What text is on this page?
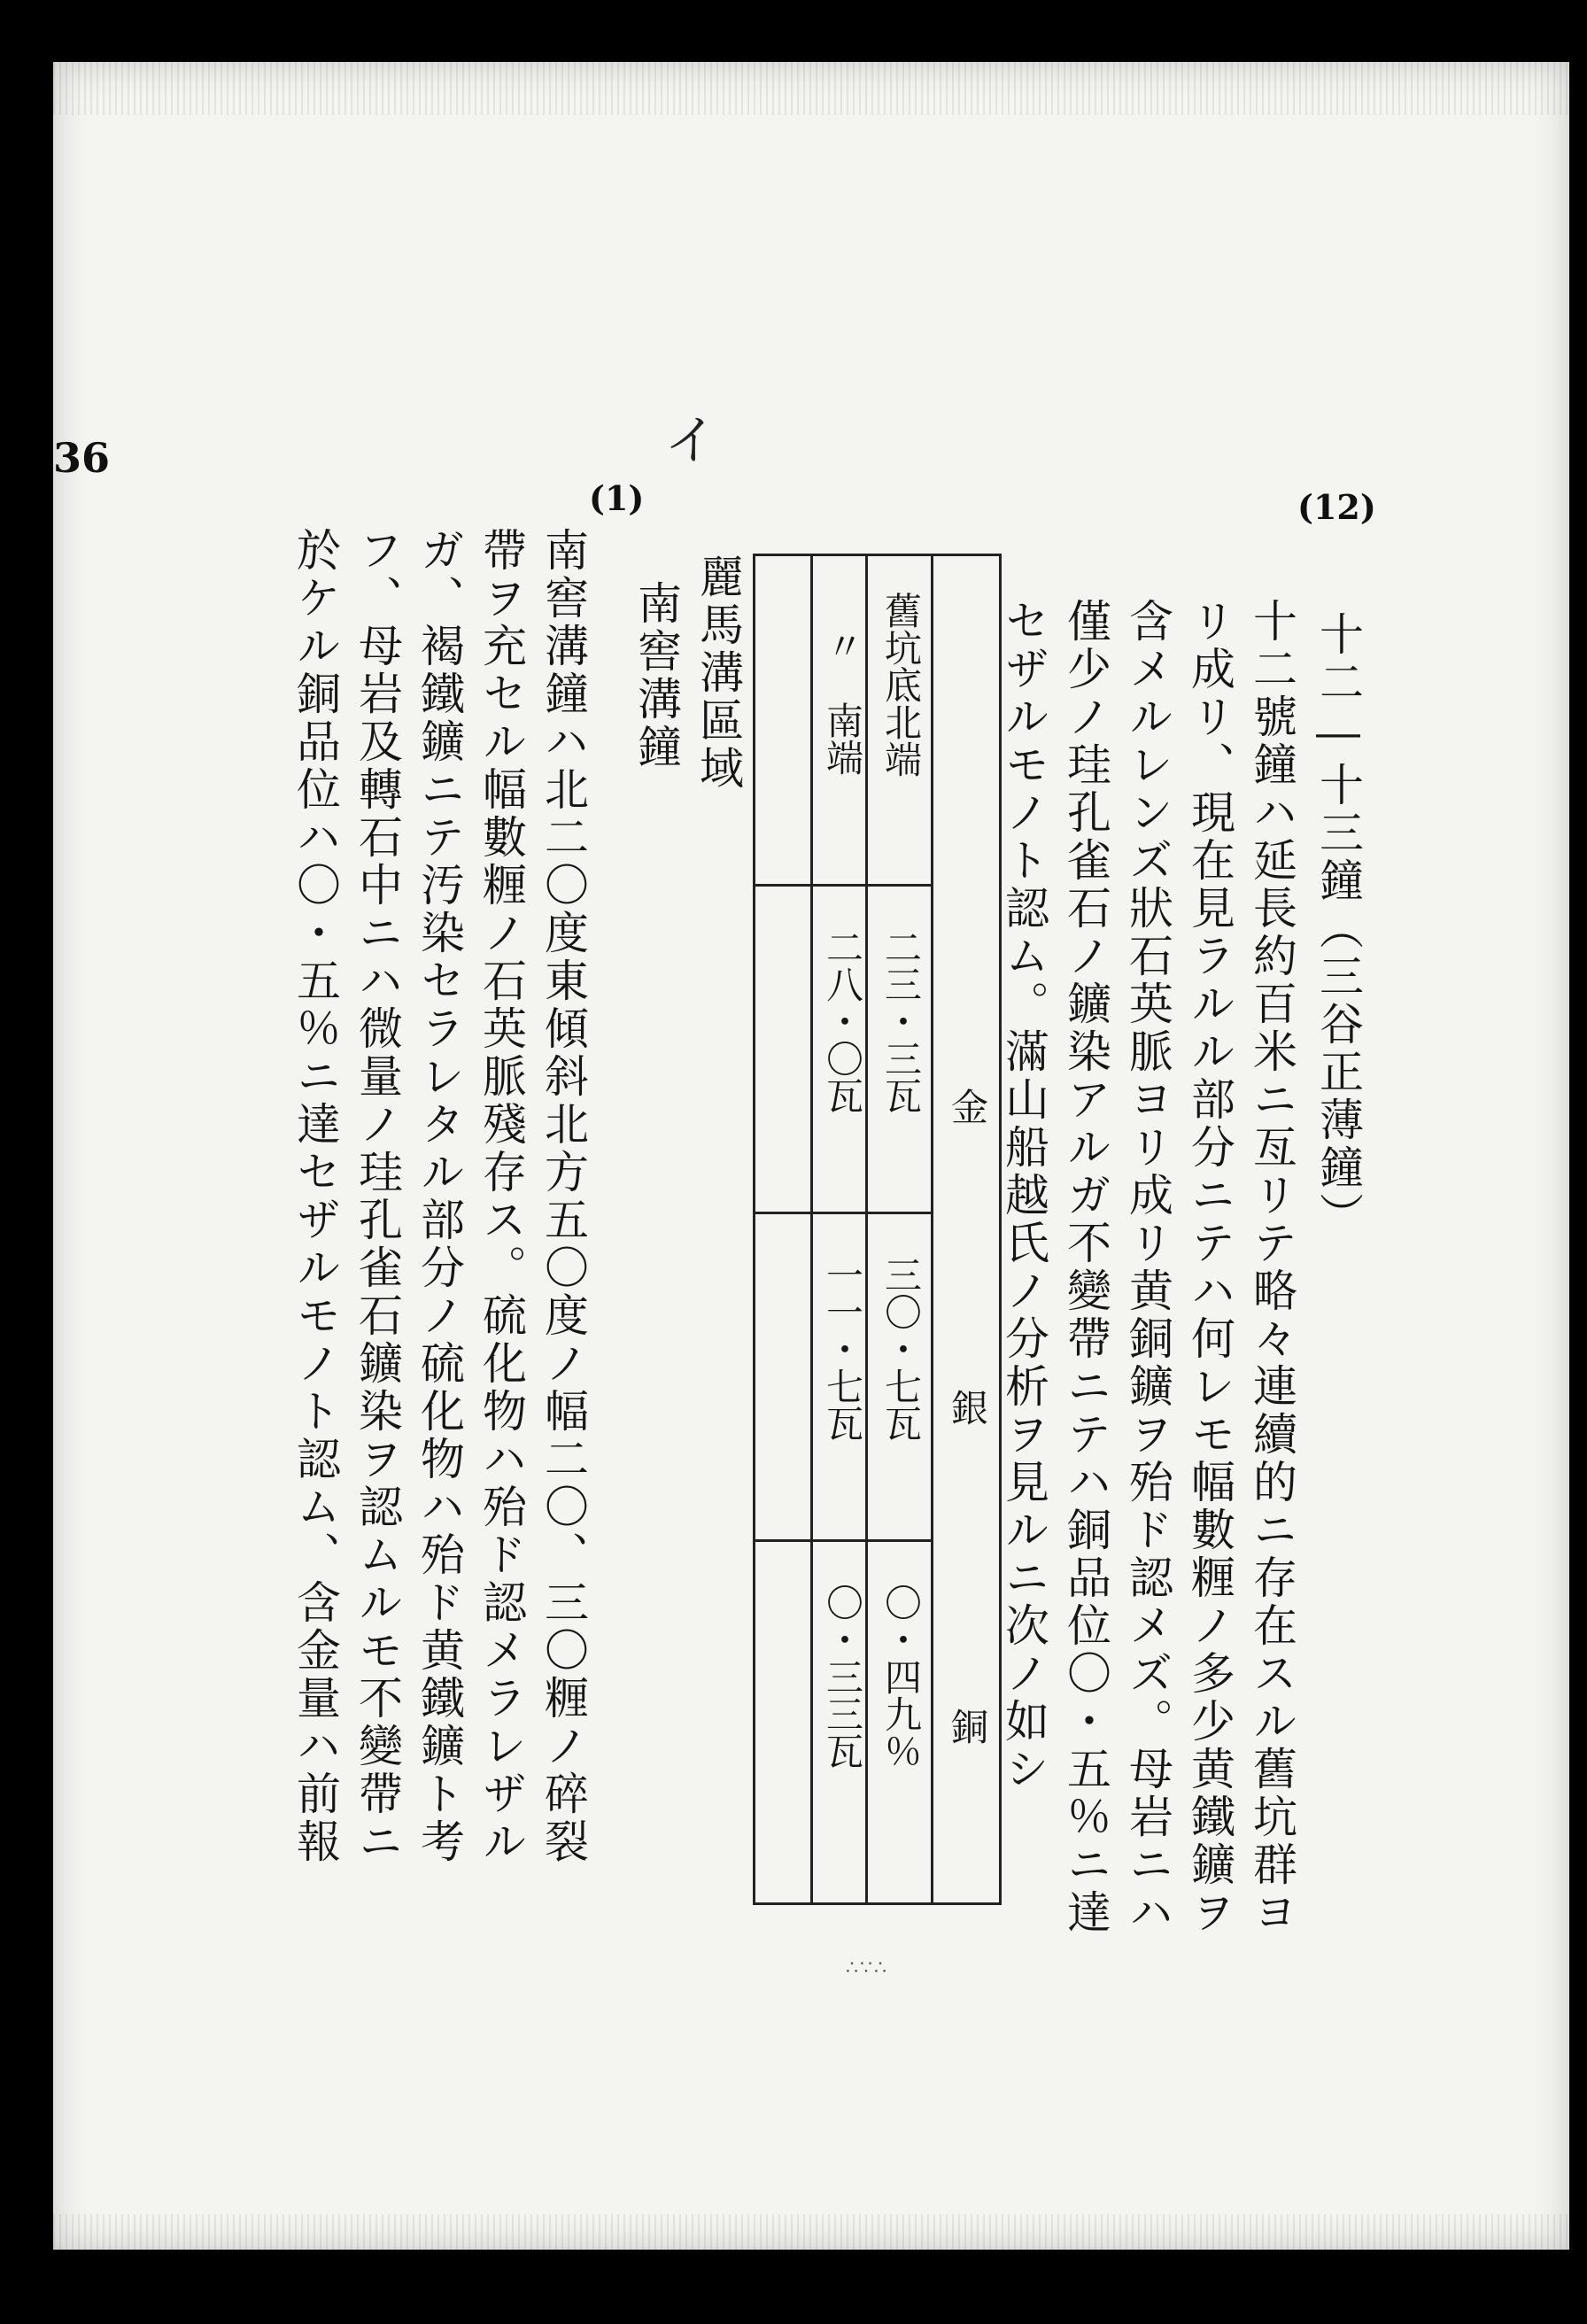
36
(12)
十二―十三鐘（三谷正薄鐘）
十二號鐘ハ延長約百米ニ亙リテ略々連續的ニ存在スル舊坑群ヨ
リ成リ、現在見ラルル部分ニテハ何レモ幅數糎ノ多少黄鐵鑛ヲ
含メルレンズ狀石英脈ヨリ成リ黄銅鑛ヲ殆ド認メズ。母岩ニハ
僅少ノ珪孔雀石ノ鑛染アルガ不變帶ニテハ銅品位〇・五％ニ達
セザルモノト認ム。滿山船越氏ノ分析ヲ見ルニ次ノ如シ
舊坑底北端
〃　南端
金
銀
銅
二三・三瓦
三〇・七瓦
〇・四九％
二八・〇瓦
一一・七瓦
〇・三三瓦
∴∵∴
イ
麗馬溝區域
(1)
南窖溝鐘
南窖溝鐘ハ北二〇度東傾斜北方五〇度ノ幅二〇、三〇糎ノ碎裂
帶ヲ充セル幅數糎ノ石英脈殘存ス。硫化物ハ殆ド認メラレザル
ガ、褐鐵鑛ニテ汚染セラレタル部分ノ硫化物ハ殆ド黄鐵鑛ト考
フ、母岩及轉石中ニハ微量ノ珪孔雀石鑛染ヲ認ムルモ不變帶ニ
於ケル銅品位ハ〇・五％ニ達セザルモノト認ム、含金量ハ前報
